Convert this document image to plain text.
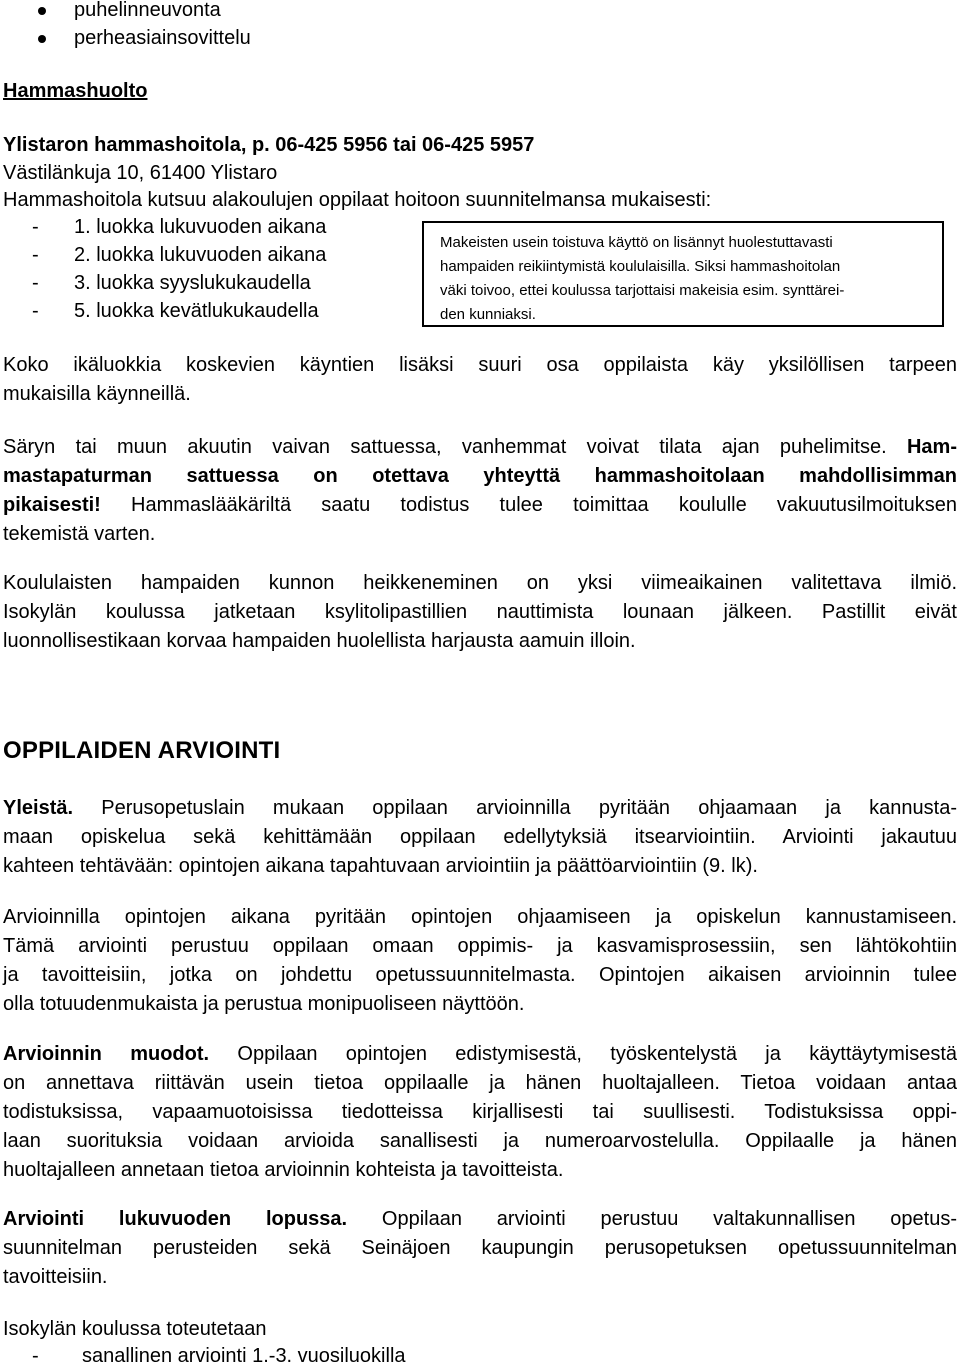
puhelinneuvonta
perheasiainsovittelu
Hammashuolto
Ylistaron hammashoitola, p. 06-425 5956 tai 06-425 5957
Västilänkuja 10, 61400 Ylistaro
Hammashoitola kutsuu alakoulujen oppilaat hoitoon suunnitelmansa mukaisesti:
- 1. luokka lukuvuoden aikana
- 2. luokka lukuvuoden aikana
- 3. luokka syyslukukaudella
- 5. luokka kevätlukukaudella
Makeisten usein toistuva käyttö on lisännyt huolestuttavasti
hampaiden reikiintymistä koululaisilla. Siksi hammashoitolan
väki toivoo, ettei koulussa tarjottaisi makeisia esim. synttärei-
den kunniaksi.
Koko ikäluokkia koskevien käyntien lisäksi suuri osa oppilaista käy yksilöllisen tarpeen
mukaisilla käynneillä.
Säryn tai muun akuutin vaivan sattuessa, vanhemmat voivat tilata ajan puhelimitse. Ham-
mastapaturman sattuessa on otettava yhteyttä hammashoitolaan mahdollisimman
pikaisesti! Hammaslääkäriltä saatu todistus tulee toimittaa koululle vakuutusilmoituksen
tekemistä varten.
Koululaisten hampaiden kunnon heikkeneminen on yksi viimeaikainen valitettava ilmiö.
Isokylän koulussa jatketaan ksylitolipastillien nauttimista lounaan jälkeen. Pastillit eivät
luonnollisestikaan korvaa hampaiden huolellista harjausta aamuin illoin.
OPPILAIDEN ARVIOINTI
Yleistä. Perusopetuslain mukaan oppilaan arvioinnilla pyritään ohjaamaan ja kannusta-
maan opiskelua sekä kehittämään oppilaan edellytyksiä itsearviointiin. Arviointi jakautuu
kahteen tehtävään: opintojen aikana tapahtuvaan arviointiin ja päättöarviointiin (9. lk).
Arvioinnilla opintojen aikana pyritään opintojen ohjaamiseen ja opiskelun kannustamiseen.
Tämä arviointi perustuu oppilaan omaan oppimis- ja kasvamisprosessiin, sen lähtökohtiin
ja tavoitteisiin, jotka on johdettu opetussuunnitelmasta. Opintojen aikaisen arvioinnin tulee
olla totuudenmukaista ja perustua monipuoliseen näyttöön.
Arvioinnin muodot. Oppilaan opintojen edistymisestä, työskentelystä ja käyttäytymisestä
on annettava riittävän usein tietoa oppilaalle ja hänen huoltajalleen. Tietoa voidaan antaa
todistuksissa, vapaamuotoisissa tiedotteissa kirjallisesti tai suullisesti. Todistuksissa oppi-
laan suorituksia voidaan arvioida sanallisesti ja numeroarvostelulla. Oppilaalle ja hänen
huoltajalleen annetaan tietoa arvioinnin kohteista ja tavoitteista.
Arviointi lukuvuoden lopussa. Oppilaan arviointi perustuu valtakunnallisen opetus-
suunnitelman perusteiden sekä Seinäjoen kaupungin perusopetuksen opetussuunnitelman
tavoitteisiin.
Isokylän koulussa toteutetaan
- sanallinen arviointi 1.-3. vuosiluokilla
